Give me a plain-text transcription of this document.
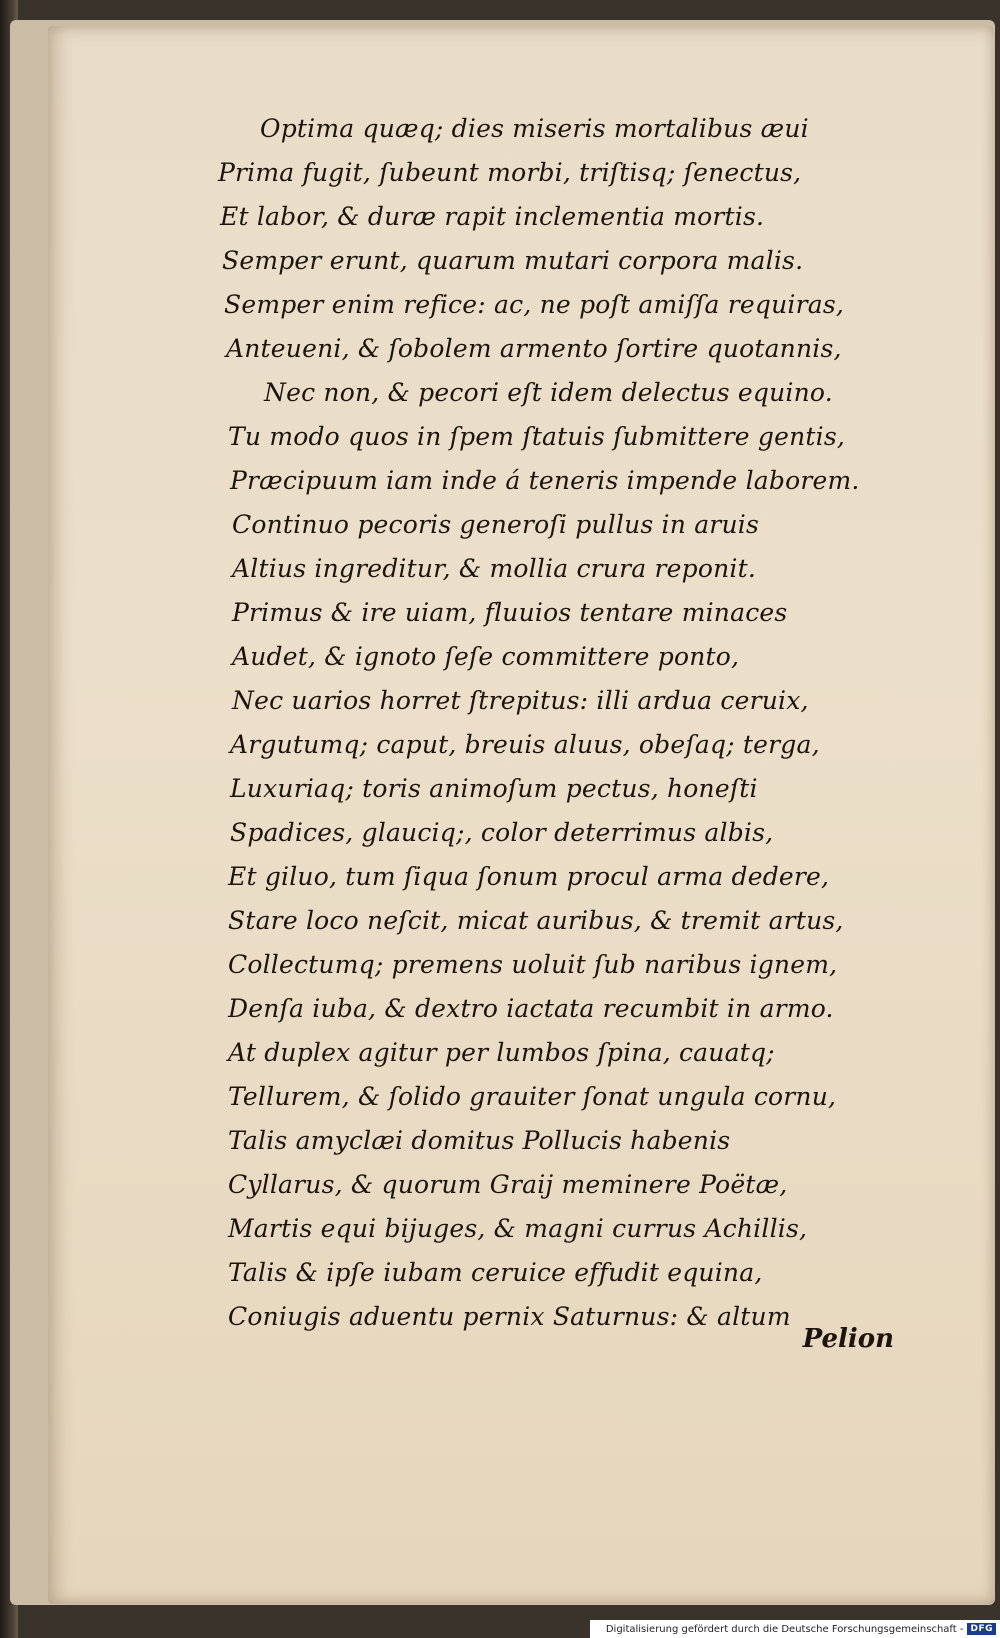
Optima quæq; dies miseris mortalibus æui
Prima fugit, ſubeunt morbi, triſtisq; ſenectus,
Et labor, & duræ rapit inclementia mortis.
Semper erunt, quarum mutari corpora malis.
Semper enim refice: ac, ne poſt amiſſa requiras,
Anteueni, & ſobolem armento ſortire quotannis,
Nec non, & pecori eſt idem delectus equino.
Tu modo quos in ſpem ſtatuis ſubmittere gentis,
Præcipuum iam inde á teneris impende laborem.
Continuo pecoris generoſi pullus in aruis
Altius ingreditur, & mollia crura reponit.
Primus & ire uiam, fluuios tentare minaces
Audet, & ignoto ſeſe committere ponto,
Nec uarios horret ſtrepitus: illi ardua ceruix,
Argutumq; caput, breuis aluus, obeſaq; terga,
Luxuriaq; toris animoſum pectus, honeſti
Spadices, glauciq;, color deterrimus albis,
Et giluo, tum ſiqua ſonum procul arma dedere,
Stare loco neſcit, micat auribus, & tremit artus,
Collectumq; premens uoluit ſub naribus ignem,
Denſa iuba, & dextro iactata recumbit in armo.
At duplex agitur per lumbos ſpina, cauatq;
Tellurem, & ſolido grauiter ſonat ungula cornu,
Talis amyclæi domitus Pollucis habenis
Cyllarus, & quorum Graij meminere Poëtæ,
Martis equi bijuges, & magni currus Achillis,
Talis & ipſe iubam ceruice effudit equina,
Coniugis aduentu pernix Saturnus: & altum
Pelion
Digitalisierung gefördert durch die Deutsche Forschungsgemeinschaft - DFG
